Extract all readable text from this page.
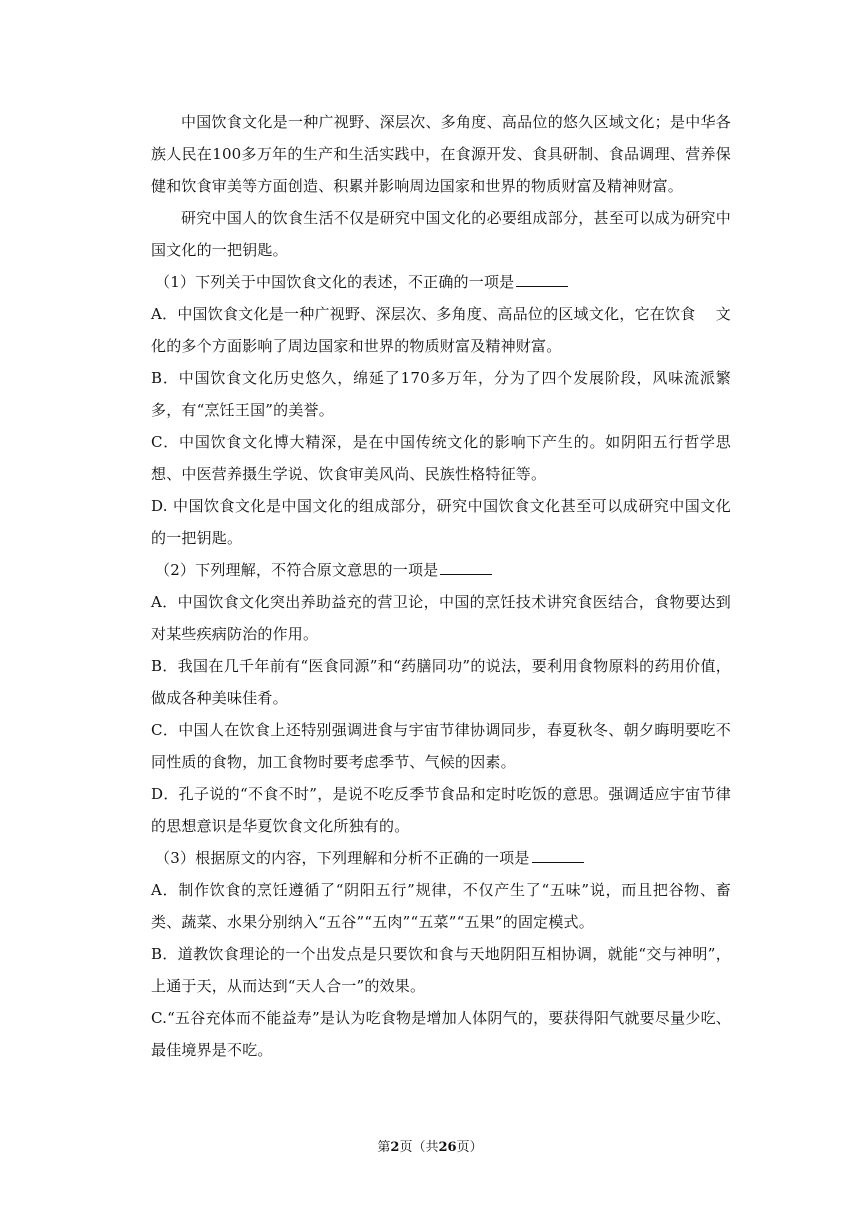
中国饮食文化是一种广视野、深层次、多角度、高品位的悠久区域文化；是中华各族人民在100多万年的生产和生活实践中，在食源开发、食具研制、食品调理、营养保健和饮食审美等方面创造、积累并影响周边国家和世界的物质财富及精神财富。

研究中国人的饮食生活不仅是研究中国文化的必要组成部分，甚至可以成为研究中国文化的一把钥匙。

（1）下列关于中国饮食文化的表述，不正确的一项是

A．中国饮食文化是一种广视野、深层次、多角度、高品位的区域文化，它在饮食　 文化的多个方面影响了周边国家和世界的物质财富及精神财富。

B．中国饮食文化历史悠久，绵延了170多万年，分为了四个发展阶段，风味流派繁多，有“烹饪王国”的美誉。

C．中国饮食文化博大精深，是在中国传统文化的影响下产生的。如阴阳五行哲学思想、中医营养摄生学说、饮食审美风尚、民族性格特征等。

D. 中国饮食文化是中国文化的组成部分，研究中国饮食文化甚至可以成研究中国文化的一把钥匙。

（2）下列理解，不符合原文意思的一项是

A．中国饮食文化突出养助益充的营卫论，中国的烹饪技术讲究食医结合，食物要达到对某些疾病防治的作用。

B．我国在几千年前有“医食同源”和“药膳同功”的说法，要利用食物原料的药用价值，做成各种美味佳肴。

C．中国人在饮食上还特别强调进食与宇宙节律协调同步，春夏秋冬、朝夕晦明要吃不同性质的食物，加工食物时要考虑季节、气候的因素。

D．孔子说的“不食不时”，是说不吃反季节食品和定时吃饭的意思。强调适应宇宙节律的思想意识是华夏饮食文化所独有的。

（3）根据原文的内容，下列理解和分析不正确的一项是

A．制作饮食的烹饪遵循了“阴阳五行”规律，不仅产生了“五味”说，而且把谷物、畜类、蔬菜、水果分别纳入“五谷”“五肉”“五菜”“五果”的固定模式。

B．道教饮食理论的一个出发点是只要饮和食与天地阴阳互相协调，就能“交与神明”，上通于天，从而达到“天人合一”的效果。

C.“五谷充体而不能益寿”是认为吃食物是增加人体阴气的，要获得阳气就要尽量少吃、最佳境界是不吃。

第2页（共26页）
